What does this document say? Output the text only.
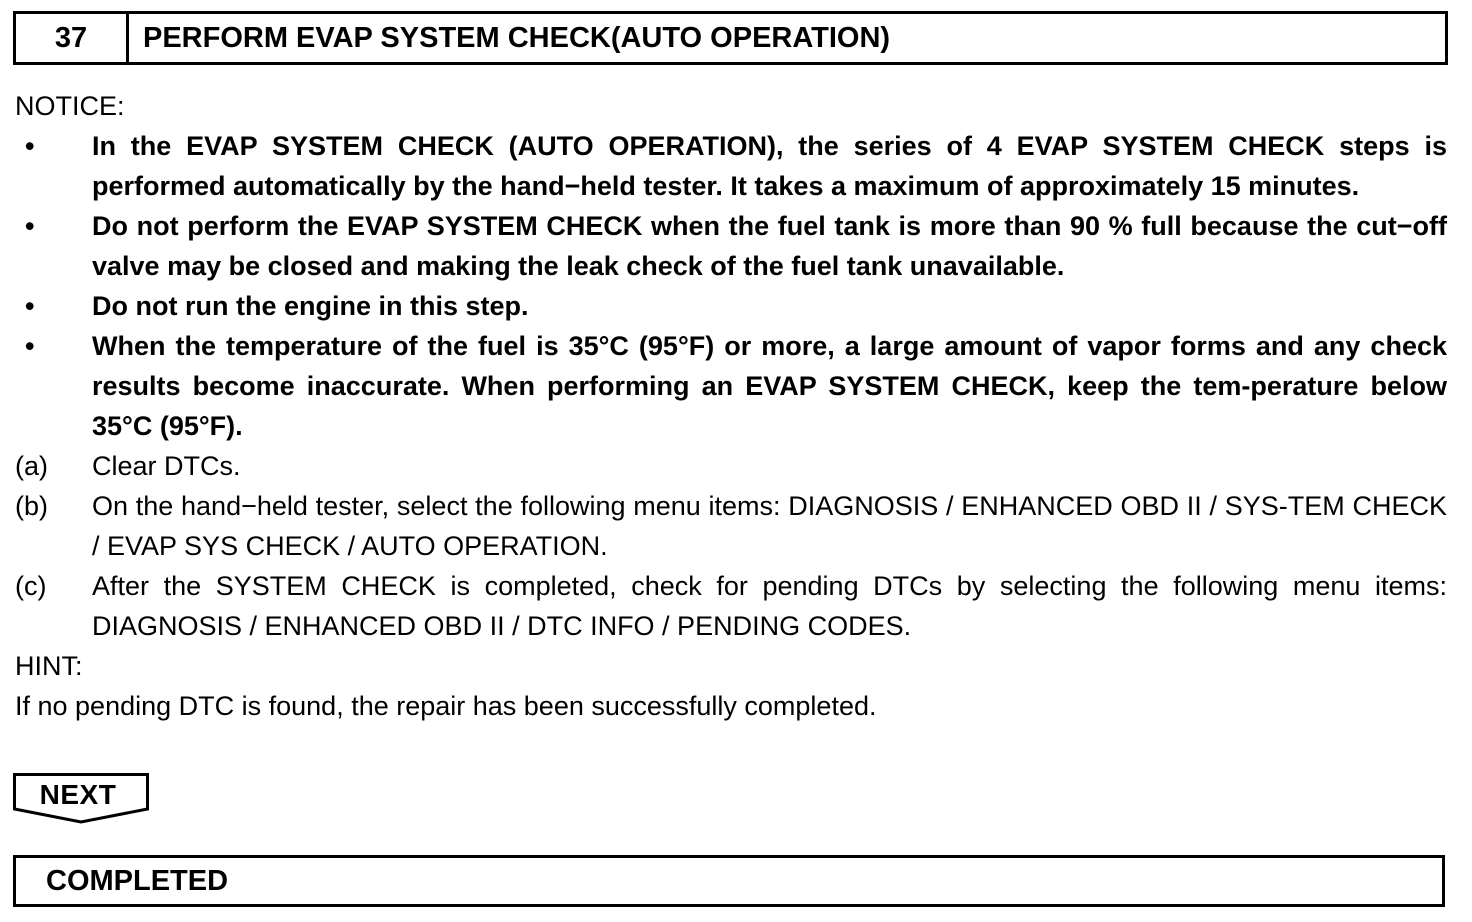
37	PERFORM EVAP SYSTEM CHECK(AUTO OPERATION)

NOTICE:

•	In the EVAP SYSTEM CHECK (AUTO OPERATION), the series of 4 EVAP SYSTEM CHECK steps is performed automatically by the hand−held tester. It takes a maximum of approximately 15 minutes.
•	Do not perform the EVAP SYSTEM CHECK when the fuel tank is more than 90 % full because the cut−off valve may be closed and making the leak check of the fuel tank unavailable.
•	Do not run the engine in this step.
•	When the temperature of the fuel is 35°C (95°F) or more, a large amount of vapor forms and any check results become inaccurate. When performing an EVAP SYSTEM CHECK, keep the tem-perature below 35°C (95°F).
(a)	Clear DTCs.
(b)	On the hand−held tester, select the following menu items: DIAGNOSIS / ENHANCED OBD II / SYS-TEM CHECK / EVAP SYS CHECK / AUTO OPERATION.
(c)	After the SYSTEM CHECK is completed, check for pending DTCs by selecting the following menu items: DIAGNOSIS / ENHANCED OBD II / DTC INFO / PENDING CODES.

HINT:

If no pending DTC is found, the repair has been successfully completed.

NEXT
COMPLETED
